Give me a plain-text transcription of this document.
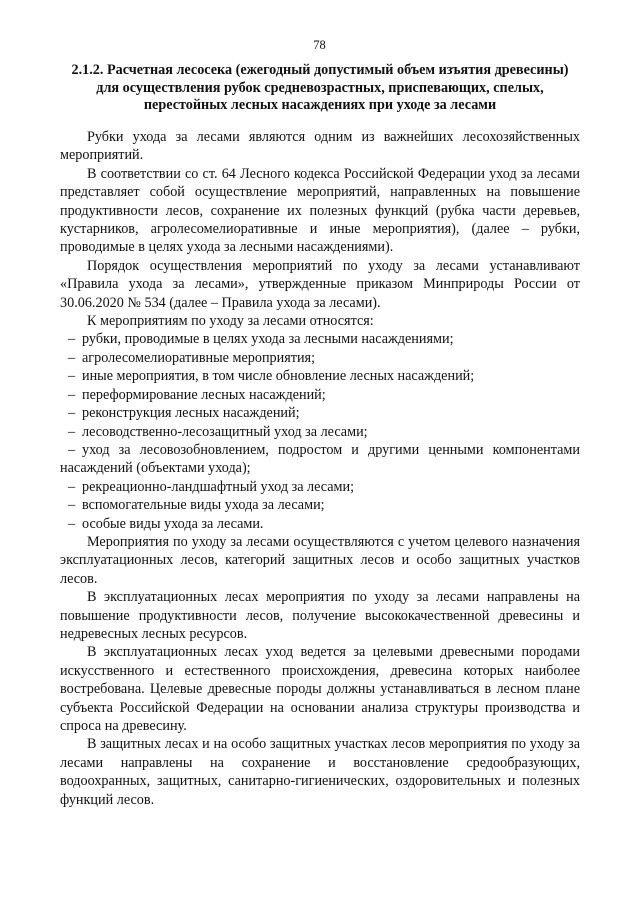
78
2.1.2. Расчетная лесосека (ежегодный допустимый объем изъятия древесины) для осуществления рубок средневозрастных, приспевающих, спелых, перестойных лесных насаждениях при уходе за лесами

Рубки ухода за лесами являются одним из важнейших лесохозяйственных мероприятий.

В соответствии со ст. 64 Лесного кодекса Российской Федерации уход за лесами представляет собой осуществление мероприятий, направленных на повышение продуктивности лесов, сохранение их полезных функций (рубка части деревьев, кустарников, агролесомелиоративные и иные мероприятия), (далее – рубки, проводимые в целях ухода за лесными насаждениями).

Порядок осуществления мероприятий по уходу за лесами устанавливают «Правила ухода за лесами», утвержденные приказом Минприроды России от 30.06.2020 № 534 (далее – Правила ухода за лесами).

К мероприятиям по уходу за лесами относятся:

– рубки, проводимые в целях ухода за лесными насаждениями;

– агролесомелиоративные мероприятия;

– иные мероприятия, в том числе обновление лесных насаждений;

– переформирование лесных насаждений;

– реконструкция лесных насаждений;

– лесоводственно-лесозащитный уход за лесами;

– уход за лесовозобновлением, подростом и другими ценными компонентами насаждений (объектами ухода);

– рекреационно-ландшафтный уход за лесами;

– вспомогательные виды ухода за лесами;

– особые виды ухода за лесами.

Мероприятия по уходу за лесами осуществляются с учетом целевого назначения эксплуатационных лесов, категорий защитных лесов и особо защитных участков лесов.

В эксплуатационных лесах мероприятия по уходу за лесами направлены на повышение продуктивности лесов, получение высококачественной древесины и недревесных лесных ресурсов.

В эксплуатационных лесах уход ведется за целевыми древесными породами искусственного и естественного происхождения, древесина которых наиболее востребована. Целевые древесные породы должны устанавливаться в лесном плане субъекта Российской Федерации на основании анализа структуры производства и спроса на древесину.

В защитных лесах и на особо защитных участках лесов мероприятия по уходу за лесами направлены на сохранение и восстановление средообразующих, водоохранных, защитных, санитарно-гигиенических, оздоровительных и полезных функций лесов.
